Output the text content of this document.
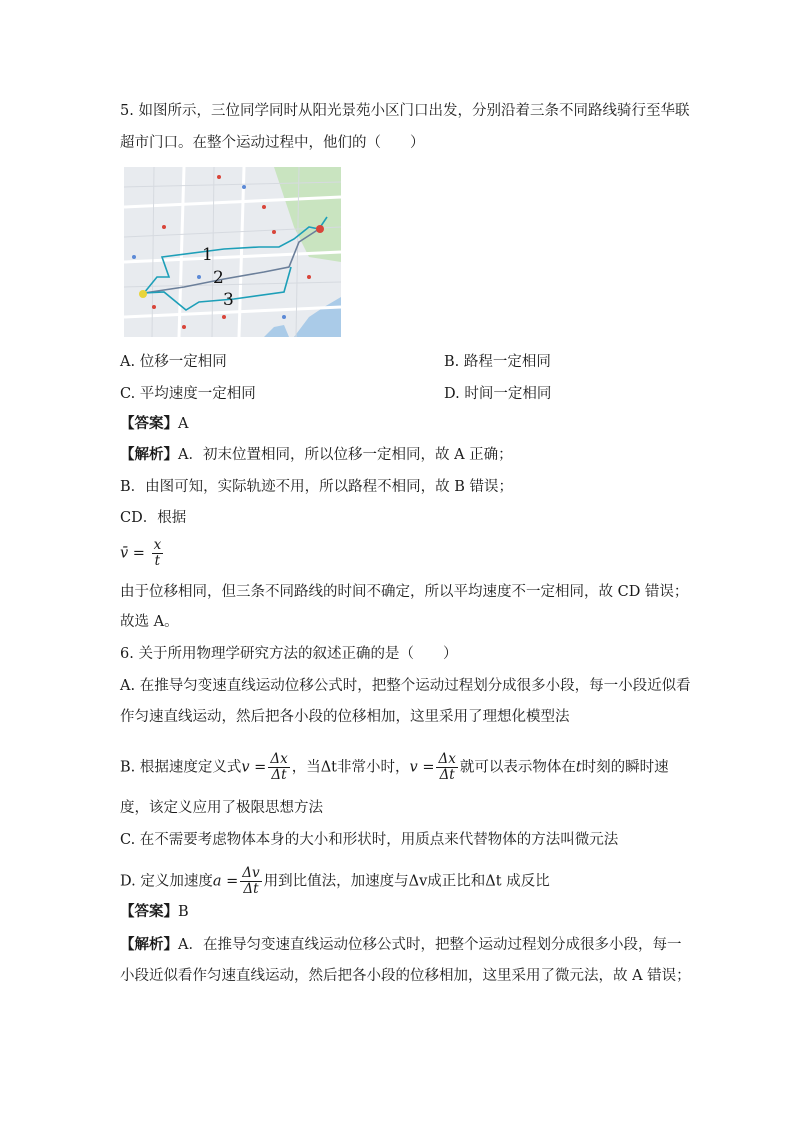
5. 如图所示，三位同学同时从阳光景苑小区门口出发，分别沿着三条不同路线骑行至华联
超市门口。在整个运动过程中，他们的（　　）
1
2
3
A. 位移一定相同	B. 路程一定相同
C. 平均速度一定相同	D. 时间一定相同
【答案】A
【解析】A．初末位置相同，所以位移一定相同，故 A 正确；
B．由图可知，实际轨迹不用，所以路程不相同，故 B 错误；
CD．根据
v̄ = $\frac{x}{t}$
由于位移相同，但三条不同路线的时间不确定，所以平均速度不一定相同，故 CD 错误；
故选 A。
6. 关于所用物理学研究方法的叙述正确的是（　　）
A. 在推导匀变速直线运动位移公式时，把整个运动过程划分成很多小段，每一小段近似看
作匀速直线运动，然后把各小段的位移相加，这里采用了理想化模型法
B. 根据速度定义式$v = \frac{\Delta x}{\Delta t}$ ，当Δt非常小时，$v = \frac{\Delta x}{\Delta t}$ 就可以表示物体在t时刻的瞬时速
度，该定义应用了极限思想方法
C. 在不需要考虑物体本身的大小和形状时，用质点来代替物体的方法叫微元法
D. 定义加速度$a = \frac{\Delta v}{\Delta t}$ 用到比值法，加速度与Δv成正比和Δt 成反比
【答案】B
【解析】A．在推导匀变速直线运动位移公式时，把整个运动过程划分成很多小段，每一
小段近似看作匀速直线运动，然后把各小段的位移相加，这里采用了微元法，故 A 错误；
